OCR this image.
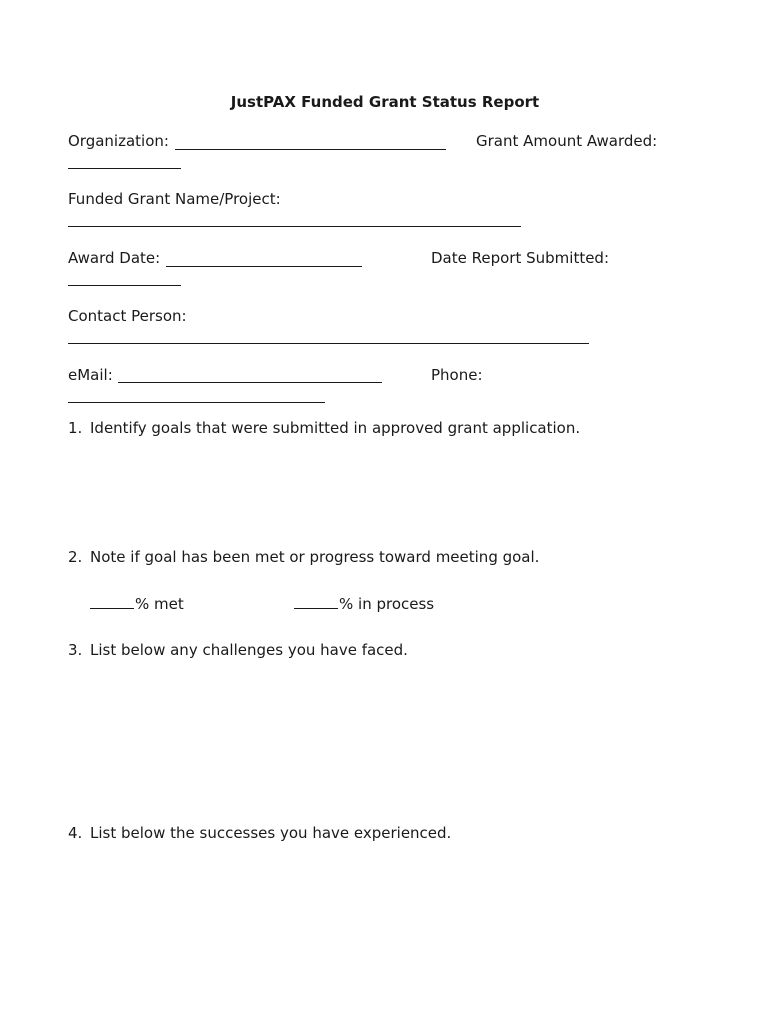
JustPAX Funded Grant Status Report
Organization:	Grant Amount Awarded:
Funded Grant Name/Project:
Award Date:	Date Report Submitted:
Contact Person:
eMail:	Phone:
1. Identify goals that were submitted in approved grant application.
2. Note if goal has been met or progress toward meeting goal.
% met	% in process
3. List below any challenges you have faced.
4. List below the successes you have experienced.
